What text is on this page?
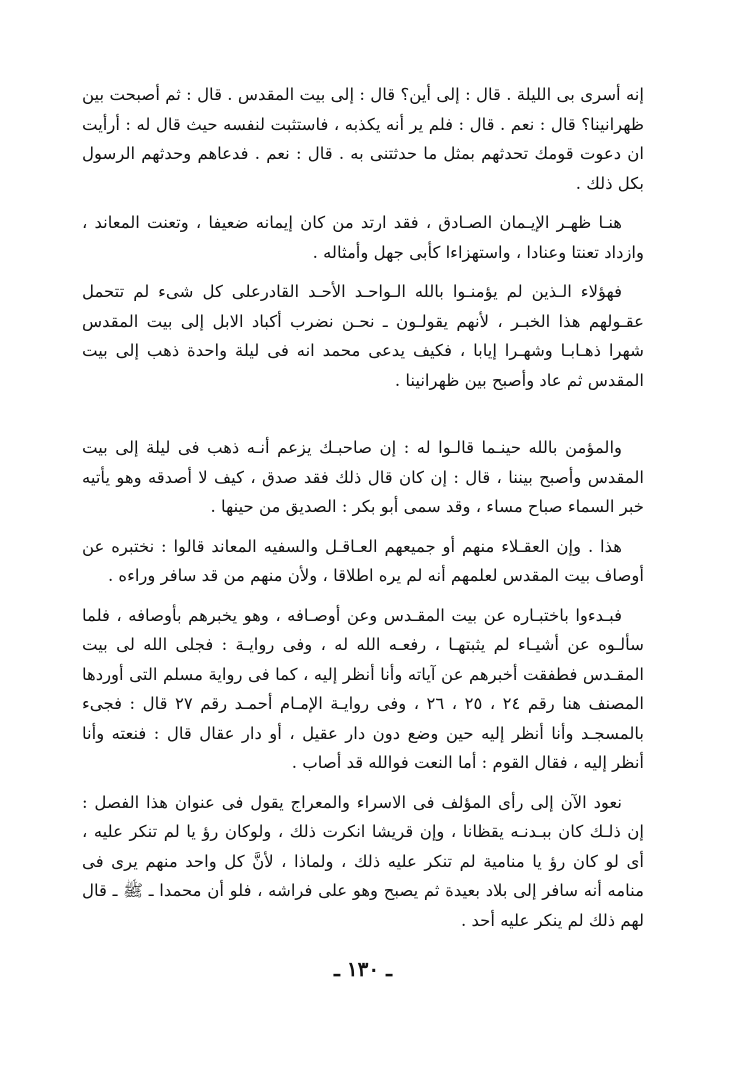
إنه أسرى بى الليلة . قال : إلى أين؟ قال : إلى بيت المقدس . قال : ثم أصبحت بين ظهرانينا؟ قال : نعم . قال : فلم ير أنه يكذبه ، فاستثبت لنفسه حيث قال له : أرأيت ان دعوت قومك تحدثهم بمثل ما حدثتنى به . قال : نعم . فدعاهم وحدثهم الرسول بكل ذلك .

هنـا ظهـر الإيـمان الصـادق ، فقد ارتد من كان إيمانه ضعيفا ، وتعنت المعاند ، وازداد تعنتا وعنادا ، واستهزاءا كأبى جهل وأمثاله .

فهؤلاء الـذين لم يؤمنـوا بالله الـواحـد الأحـد القادرعلى كل شىء لم تتحمل عقـولهم هذا الخبـر ، لأنهم يقولـون ـ نحـن نضرب أكباد الابل إلى بيت المقدس شهرا ذهـابـا وشهـرا إيابا ، فكيف يدعى محمد انه فى ليلة واحدة ذهب إلى بيت المقدس ثم عاد وأصبح بين ظهرانينا .

والمؤمن بالله حينـما قالـوا له : إن صاحبـك يزعم أنـه ذهب فى ليلة إلى بيت المقدس وأصبح بيننا ، قال : إن كان قال ذلك فقد صدق ، كيف لا أصدقه وهو يأتيه خبر السماء صباح مساء ، وقد سمى أبو بكر : الصديق من حينها .

هذا . وإن العقـلاء منهم أو جميعهم العـاقـل والسفيه المعاند قالوا : نختبره عن أوصاف بيت المقدس لعلمهم أنه لم يره اطلاقا ، ولأن منهم من قد سافر وراءه .

فبـدءوا باختبـاره عن بيت المقـدس وعن أوصـافه ، وهو يخبرهم بأوصافه ، فلما سألـوه عن أشيـاء لم يثبتهـا ، رفعـه الله له ، وفى روايـة : فجلى الله لى بيت المقـدس فطفقت أخبرهم عن آياته وأنا أنظر إليه ، كما فى رواية مسلم التى أوردها المصنف هنا رقم ٢٤ ، ٢٥ ، ٢٦ ، وفى روايـة الإمـام أحمـد رقم ٢٧ قال : فجىء بالمسجـد وأنا أنظر إليه حين وضع دون دار عقيل ، أو دار عقال قال : فنعته وأنا أنظر إليه ، فقال القوم : أما النعت فوالله قد أصاب .

نعود الآن إلى رأى المؤلف فى الاسراء والمعراج يقول فى عنوان هذا الفصل : إن ذلـك كان ببـدنـه يقظانا ، وإن قريشا انكرت ذلك ، ولوكان رؤ يا لم تنكر عليه ، أى لو كان رؤ يا منامية لم تنكر عليه ذلك ، ولماذا ، لأنَّ كل واحد منهم يرى فى منامه أنه سافر إلى بلاد بعيدة ثم يصبح وهو على فراشه ، فلو أن محمدا ـ ﷺ ـ قال لهم ذلك لم ينكر عليه أحد .

ـ ١٣٠ ـ
